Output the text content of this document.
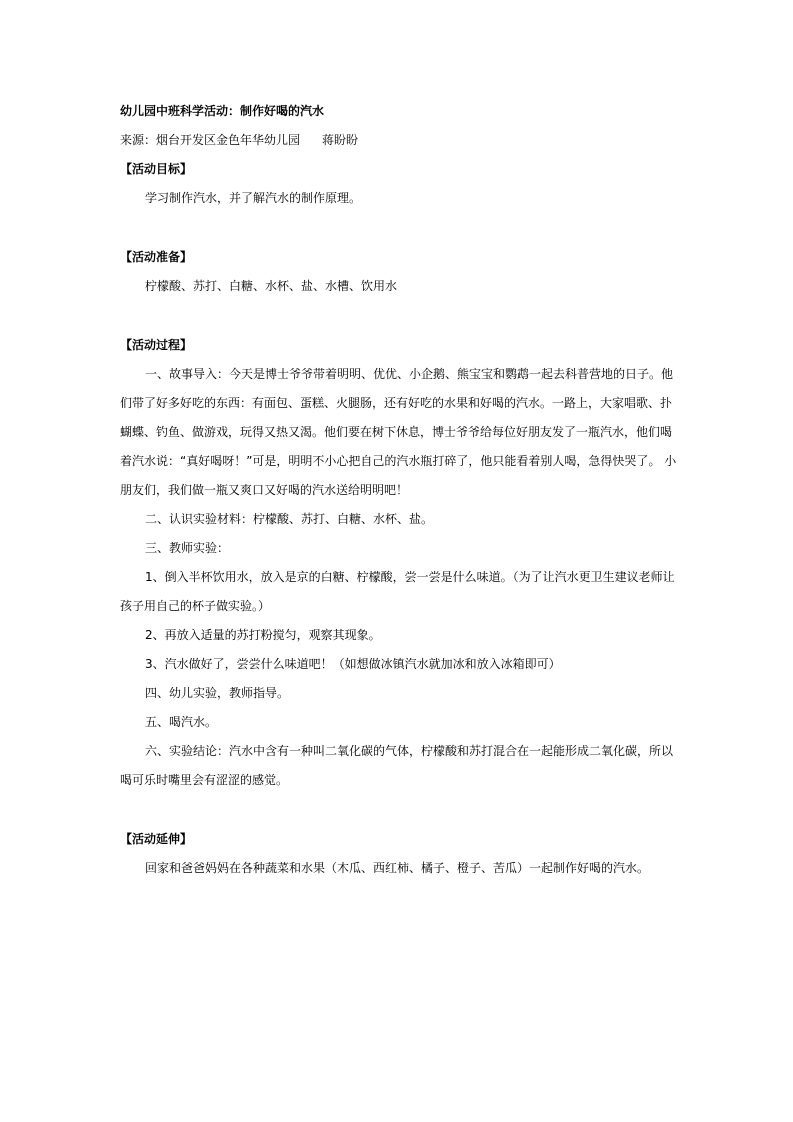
幼儿园中班科学活动：制作好喝的汽水
来源：烟台开发区金色年华幼儿园 蒋盼盼
【活动目标】
学习制作汽水，并了解汽水的制作原理。
【活动准备】
柠檬酸、苏打、白糖、水杯、盐、水槽、饮用水
【活动过程】
一、故事导入：今天是博士爷爷带着明明、优优、小企鹅、熊宝宝和鹦鹉一起去科普营地的日子。他
们带了好多好吃的东西：有面包、蛋糕、火腿肠，还有好吃的水果和好喝的汽水。一路上，大家唱歌、扑
蝴蝶、钓鱼、做游戏，玩得又热又渴。他们要在树下休息，博士爷爷给每位好朋友发了一瓶汽水，他们喝
着汽水说：“真好喝呀！”可是，明明不小心把自己的汽水瓶打碎了，他只能看着别人喝，急得快哭了。 小
朋友们，我们做一瓶又爽口又好喝的汽水送给明明吧！
二、认识实验材料：柠檬酸、苏打、白糖、水杯、盐。
三、教师实验：
1、倒入半杯饮用水，放入是京的白糖、柠檬酸，尝一尝是什么味道。（为了让汽水更卫生建议老师让
孩子用自己的杯子做实验。）
2、再放入适量的苏打粉搅匀，观察其现象。
3、汽水做好了，尝尝什么味道吧！（如想做冰镇汽水就加冰和放入冰箱即可）
四、幼儿实验，教师指导。
五、喝汽水。
六、实验结论：汽水中含有一种叫二氧化碳的气体，柠檬酸和苏打混合在一起能形成二氧化碳，所以
喝可乐时嘴里会有涩涩的感觉。
【活动延伸】
回家和爸爸妈妈在各种蔬菜和水果（木瓜、西红柿、橘子、橙子、苦瓜）一起制作好喝的汽水。
